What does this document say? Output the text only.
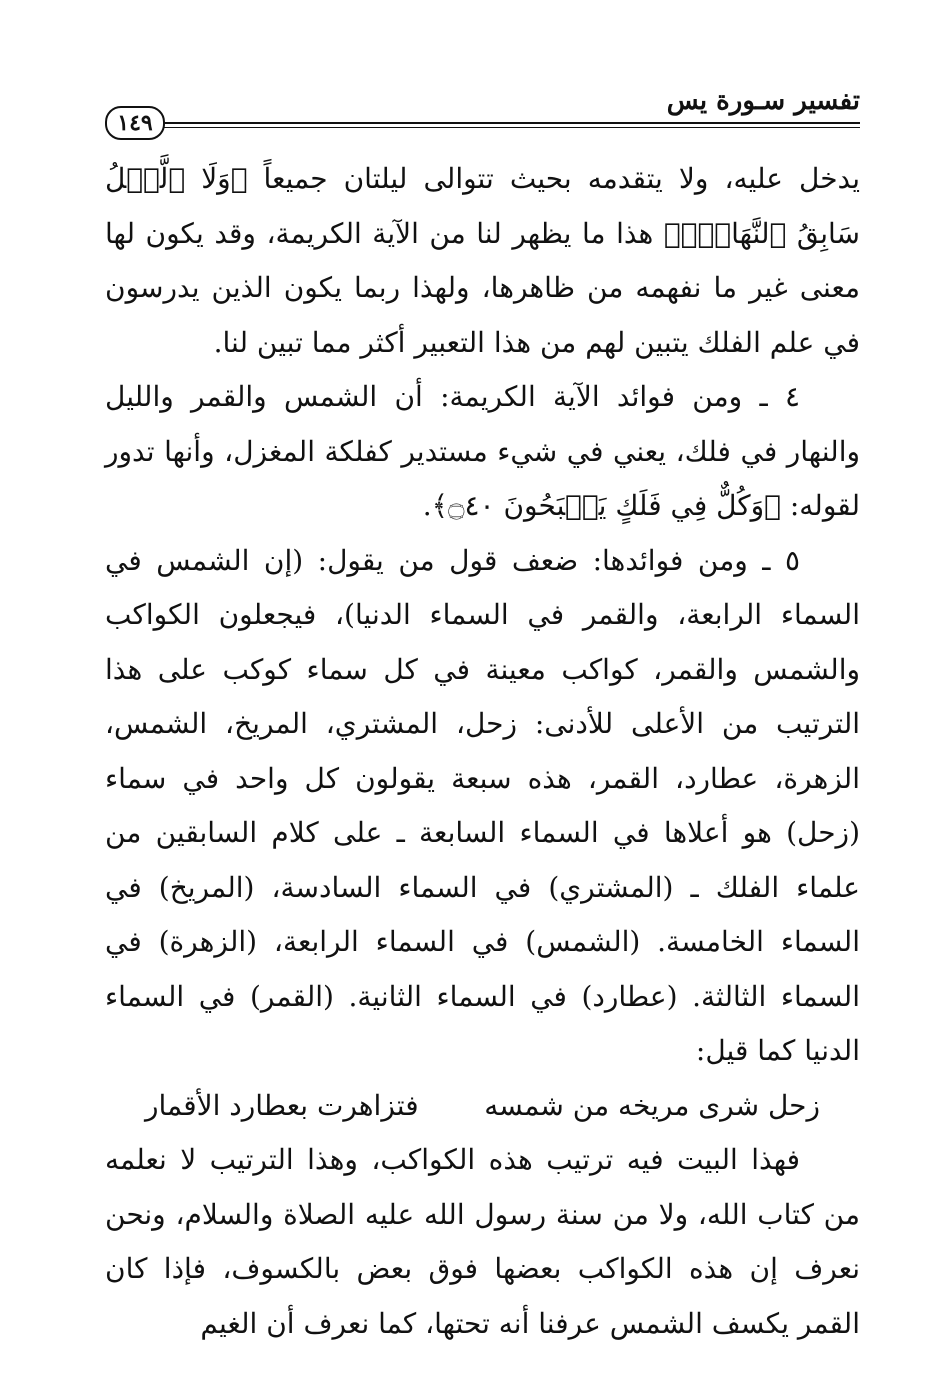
تفسير سـورة يس
١٤٩

يدخل عليه، ولا يتقدمه بحيث تتوالى ليلتان جميعاً ﴿وَلَا ٱلَّيۡلُ سَابِقُ ٱلنَّهَارِۚ﴾ هذا ما يظهر لنا من الآية الكريمة، وقد يكون لها معنى غير ما نفهمه من ظاهرها، ولهذا ربما يكون الذين يدرسون في علم الفلك يتبين لهم من هذا التعبير أكثر مما تبين لنا.

٤ ـ ومن فوائد الآية الكريمة: أن الشمس والقمر والليل والنهار في فلك، يعني في شيء مستدير كفلكة المغزل، وأنها تدور لقوله: ﴿وَكُلٌّ فِي فَلَكٍ يَسۡبَحُونَ ۝٤٠﴾.

٥ ـ ومن فوائدها: ضعف قول من يقول: (إن الشمس في السماء الرابعة، والقمر في السماء الدنيا)، فيجعلون الكواكب والشمس والقمر، كواكب معينة في كل سماء كوكب على هذا الترتيب من الأعلى للأدنى: زحل، المشتري، المريخ، الشمس، الزهرة، عطارد، القمر، هذه سبعة يقولون كل واحد في سماء (زحل) هو أعلاها في السماء السابعة ـ على كلام السابقين من علماء الفلك ـ (المشتري) في السماء السادسة، (المريخ) في السماء الخامسة. (الشمس) في السماء الرابعة، (الزهرة) في السماء الثالثة. (عطارد) في السماء الثانية. (القمر) في السماء الدنيا كما قيل:

زحل شرى مريخه من شمسه
فتزاهرت بعطارد الأقمار

فهذا البيت فيه ترتيب هذه الكواكب، وهذا الترتيب لا نعلمه من كتاب الله، ولا من سنة رسول الله عليه الصلاة والسلام، ونحن نعرف إن هذه الكواكب بعضها فوق بعض بالكسوف، فإذا كان القمر يكسف الشمس عرفنا أنه تحتها، كما نعرف أن الغيم
